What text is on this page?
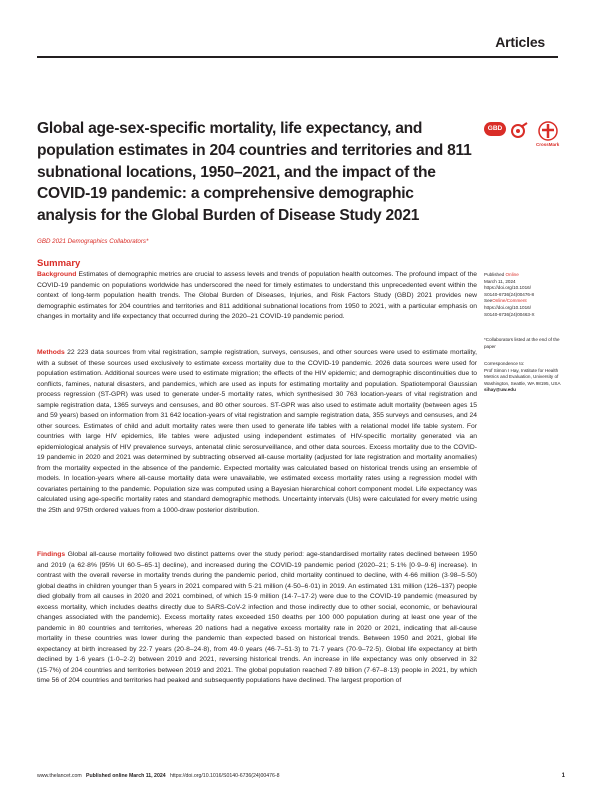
Articles
Global age-sex-specific mortality, life expectancy, and population estimates in 204 countries and territories and 811 subnational locations, 1950–2021, and the impact of the COVID-19 pandemic: a comprehensive demographic analysis for the Global Burden of Disease Study 2021
GBD
CrossMark
GBD 2021 Demographics Collaborators*
Summary

Background Estimates of demographic metrics are crucial to assess levels and trends of population health outcomes. The profound impact of the COVID-19 pandemic on populations worldwide has underscored the need for timely estimates to understand this unprecedented event within the context of long-term population health trends. The Global Burden of Diseases, Injuries, and Risk Factors Study (GBD) 2021 provides new demographic estimates for 204 countries and territories and 811 additional subnational locations from 1950 to 2021, with a particular emphasis on changes in mortality and life expectancy that occurred during the 2020–21 COVID-19 pandemic period.

Methods 22 223 data sources from vital registration, sample registration, surveys, censuses, and other sources were used to estimate mortality, with a subset of these sources used exclusively to estimate excess mortality due to the COVID-19 pandemic. 2026 data sources were used for population estimation. Additional sources were used to estimate migration; the effects of the HIV epidemic; and demographic discontinuities due to conflicts, famines, natural disasters, and pandemics, which are used as inputs for estimating mortality and population. Spatiotemporal Gaussian process regression (ST-GPR) was used to generate under-5 mortality rates, which synthesised 30 763 location-years of vital registration and sample registration data, 1365 surveys and censuses, and 80 other sources. ST-GPR was also used to estimate adult mortality (between ages 15 and 59 years) based on information from 31 642 location-years of vital registration and sample registration data, 355 surveys and censuses, and 24 other sources. Estimates of child and adult mortality rates were then used to generate life tables with a relational model life table system. For countries with large HIV epidemics, life tables were adjusted using independent estimates of HIV-specific mortality generated via an epidemiological analysis of HIV prevalence surveys, antenatal clinic serosurveillance, and other data sources. Excess mortality due to the COVID-19 pandemic in 2020 and 2021 was determined by subtracting observed all-cause mortality (adjusted for late registration and mortality anomalies) from the mortality expected in the absence of the pandemic. Expected mortality was calculated based on historical trends using an ensemble of models. In location-years where all-cause mortality data were unavailable, we estimated excess mortality rates using a regression model with covariates pertaining to the pandemic. Population size was computed using a Bayesian hierarchical cohort component model. Life expectancy was calculated using age-specific mortality rates and standard demographic methods. Uncertainty intervals (UIs) were calculated for every metric using the 25th and 975th ordered values from a 1000-draw posterior distribution.

Findings Global all-cause mortality followed two distinct patterns over the study period: age-standardised mortality rates declined between 1950 and 2019 (a 62·8% [95% UI 60·5–65·1] decline), and increased during the COVID-19 pandemic period (2020–21; 5·1% [0·9–9·6] increase). In contrast with the overall reverse in mortality trends during the pandemic period, child mortality continued to decline, with 4·66 million (3·98–5·50) global deaths in children younger than 5 years in 2021 compared with 5·21 million (4·50–6·01) in 2019. An estimated 131 million (126–137) people died globally from all causes in 2020 and 2021 combined, of which 15·9 million (14·7–17·2) were due to the COVID-19 pandemic (measured by excess mortality, which includes deaths directly due to SARS-CoV-2 infection and those indirectly due to other social, economic, or behavioural changes associated with the pandemic). Excess mortality rates exceeded 150 deaths per 100 000 population during at least one year of the pandemic in 80 countries and territories, whereas 20 nations had a negative excess mortality rate in 2020 or 2021, indicating that all-cause mortality in these countries was lower during the pandemic than expected based on historical trends. Between 1950 and 2021, global life expectancy at birth increased by 22·7 years (20·8–24·8), from 49·0 years (46·7–51·3) to 71·7 years (70·9–72·5). Global life expectancy at birth declined by 1·6 years (1·0–2·2) between 2019 and 2021, reversing historical trends. An increase in life expectancy was only observed in 32 (15·7%) of 204 countries and territories between 2019 and 2021. The global population reached 7·89 billion (7·67–8·13) people in 2021, by which time 56 of 204 countries and territories had peaked and subsequently populations have declined. The largest proportion of

Published Online
March 11, 2024
https://doi.org/10.1016/
S0140-6736(24)00476-8
SeeOnline/Comment
https://doi.org/10.1016/
S0140-6736(24)00463-X
*Collaborators listed at the end of the paper
Correspondence to:
Prof Simon I Hay, Institute for Health Metrics and Evaluation, University of Washington, Seattle, WA 98195, USA
sihay@uw.edu
www.thelancet.com Published online March 11, 2024 https://doi.org/10.1016/S0140-6736(24)00476-8	1
